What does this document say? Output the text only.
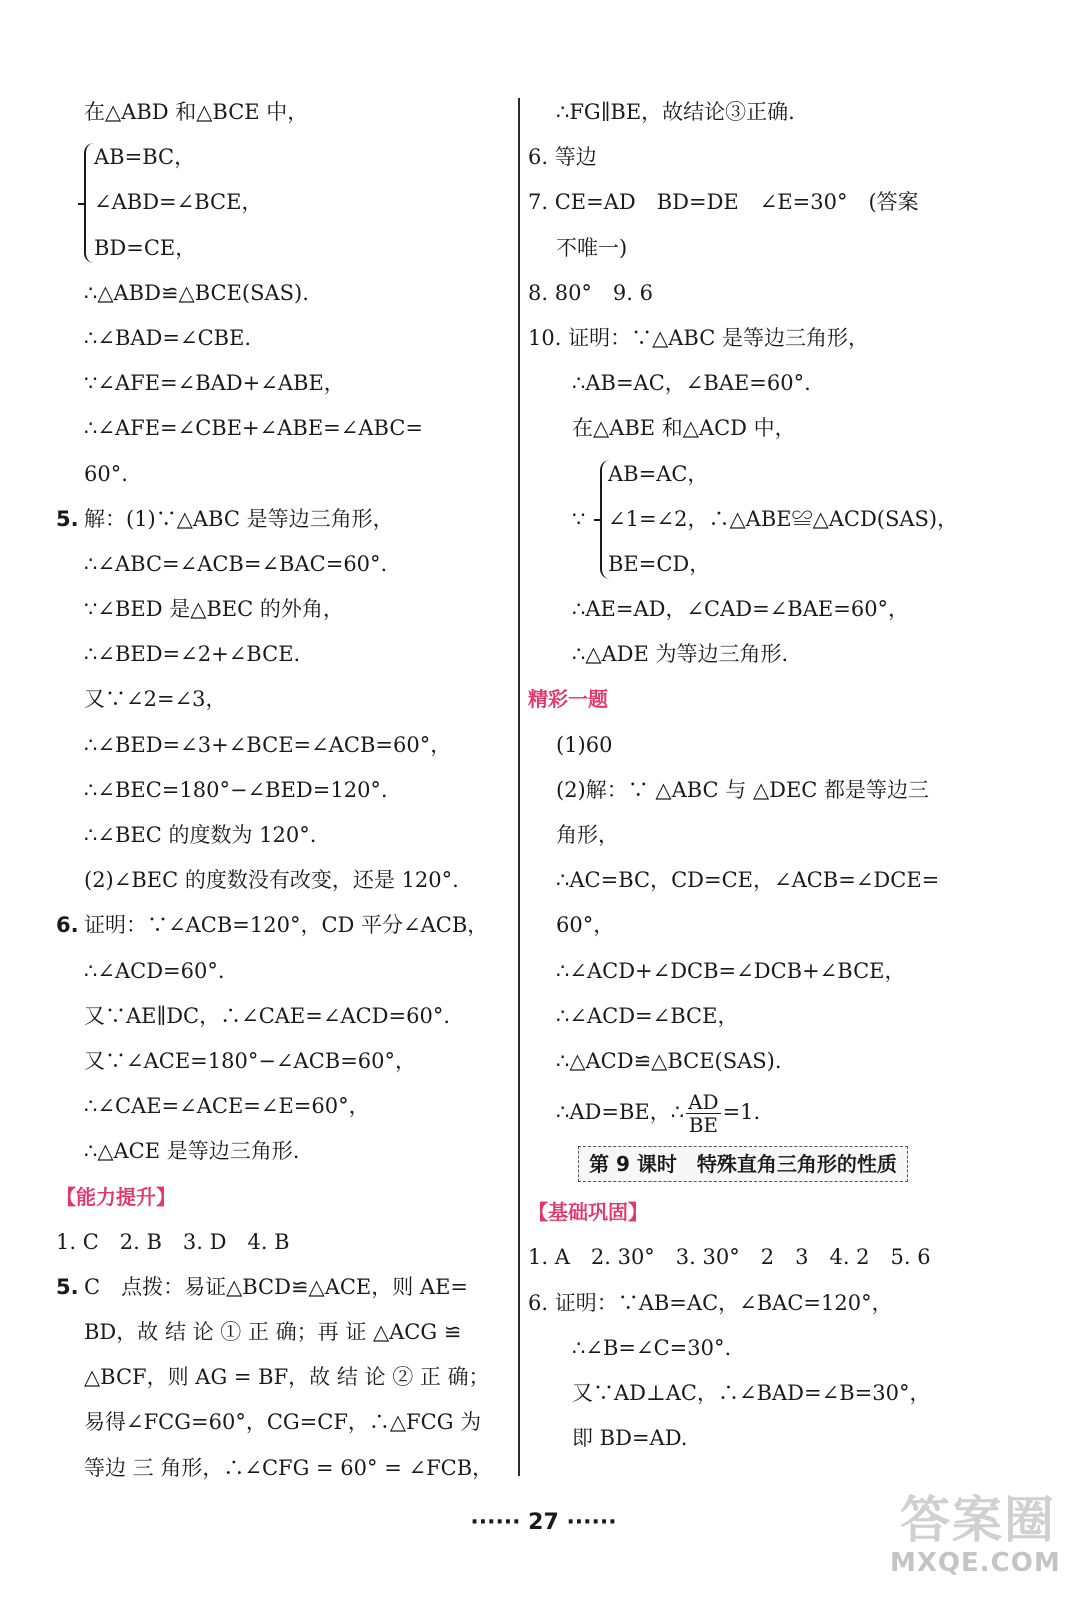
在△ABD 和△BCE 中，
AB=BC，
∠ABD=∠BCE，
BD=CE，
∴△ABD≌△BCE(SAS).
∴∠BAD=∠CBE.
∵∠AFE=∠BAD+∠ABE，
∴∠AFE=∠CBE+∠ABE=∠ABC=
60°.
5. 解：(1)∵△ABC 是等边三角形，
∴∠ABC=∠ACB=∠BAC=60°.
∵∠BED 是△BEC 的外角，
∴∠BED=∠2+∠BCE.
又∵∠2=∠3，
∴∠BED=∠3+∠BCE=∠ACB=60°，
∴∠BEC=180°−∠BED=120°.
∴∠BEC 的度数为 120°.
(2)∠BEC 的度数没有改变，还是 120°.
6. 证明：∵∠ACB=120°，CD 平分∠ACB，
∴∠ACD=60°.
又∵AE∥DC，∴∠CAE=∠ACD=60°.
又∵∠ACE=180°−∠ACB=60°，
∴∠CAE=∠ACE=∠E=60°，
∴△ACE 是等边三角形.
【能力提升】
1. C　2. B　3. D　4. B
5. C　点拨：易证△BCD≌△ACE，则 AE=
BD，故 结 论 ① 正 确；再 证 △ACG ≌
△BCF，则 AG = BF，故 结 论 ② 正 确；
易得∠FCG=60°，CG=CF，∴△FCG 为
等边 三 角形，∴∠CFG = 60° = ∠FCB，
∴FG∥BE，故结论③正确.
6. 等边
7. CE=AD　BD=DE　∠E=30°　(答案
不唯一)
8. 80°　9. 6
10. 证明：∵△ABC 是等边三角形，
∴AB=AC，∠BAE=60°.
在△ABE 和△ACD 中，
∵
AB=AC，
∠1=∠2，∴△ABE≌△ACD(SAS)，
BE=CD，
∴AE=AD，∠CAD=∠BAE=60°，
∴△ADE 为等边三角形.
精彩一题
(1)60
(2)解：∵ △ABC 与 △DEC 都是等边三
角形，
∴AC=BC，CD=CE，∠ACB=∠DCE=
60°，
∴∠ACD+∠DCB=∠DCB+∠BCE，
∴∠ACD=∠BCE，
∴△ACD≌△BCE(SAS).
∴AD=BE，∴ $\frac{AD}{BE} =1$.
第 9 课时　特殊直角三角形的性质
【基础巩固】
1. A　2. 30°　3. 30°　2　3　4. 2　5. 6
6. 证明：∵AB=AC，∠BAC=120°，
∴∠B=∠C=30°.
又∵AD⊥AC，∴∠BAD=∠B=30°，
即 BD=AD.
······ 27 ······	答案圈
MXQE.COM
